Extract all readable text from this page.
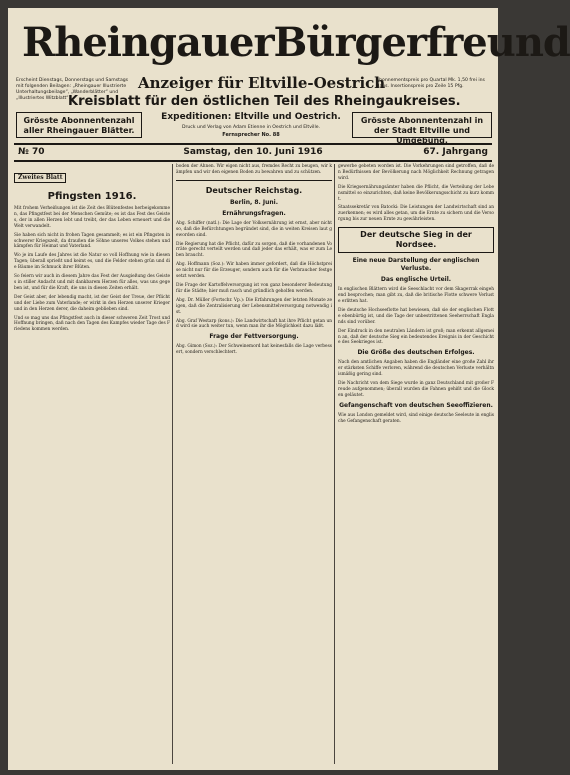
Rheingauer Bürgerfreund
Erscheint Dienstags, Donnerstags und Samstags mit folgenden Beilagen: „Rheingauer Illustrierte Unterhaltungsbeilage“, „Wanderblätter“ und „Illustriertes Witzblatt“.
Anzeiger für Eltville-Oestrich
Abonnementspreis pro Quartal Mk. 1,50 frei ins Haus. Insertionspreis pro Zeile 15 Pfg.
Kreisblatt für den östlichen Teil des Rheingaukreises.
Grösste Abonnentenzahl aller Rheingauer Blätter.
Expeditionen: Eltville und Oestrich.
Druck und Verlag von Adam Etienne in Oestrich und Eltville.
Fernsprecher No. 88
Grösste Abonnentenzahl in der Stadt Eltville und Umgebung.
№ 70	Samstag, den 10. Juni 1916	67. Jahrgang
Zweites Blatt
Pfingsten 1916.

Mit frohem Verheißungen ist die Zeit des Blütenfestes herbeigekommen, das Pfingstfest bei der Menschen Gemüte; es ist das Fest des Geistes, der in allen Herzen lebt und treibt, der das Leben erneuert und die Welt verwandelt.

Sie haben sich nicht in frohen Tagen gesammelt; es ist ein Pfingsten in schwerer Kriegszeit, da draußen die Söhne unseres Volkes stehen und kämpfen für Heimat und Vaterland.

Wo je im Laufe des Jahres ist die Natur so voll Hoffnung wie in diesen Tagen; überall sprießt und keimt es, und die Felder stehen grün und die Bäume im Schmuck ihrer Blüten.

So feiern wir auch in diesem Jahre das Fest der Ausgießung des Geistes in stiller Andacht und mit dankbarem Herzen für alles, was uns gegeben ist, und für die Kraft, die uns in diesen Zeiten erhält.

Der Geist aber, der lebendig macht, ist der Geist der Treue, der Pflicht und der Liebe zum Vaterlande; er wirkt in den Herzen unserer Krieger und in den Herzen derer, die daheim geblieben sind.

Und so mag uns das Pfingstfest auch in dieser schweren Zeit Trost und Hoffnung bringen, daß nach den Tagen des Kampfes wieder Tage des Friedens kommen werden.

boden der Ahnen. Wir eigen nicht aus, fremdes Recht zu beugen, wir kämpfen und wir den eigenen Boden zu bewahren und zu schützen.

Deutscher Reichstag.
Berlin, 8. Juni.
Ernährungsfragen.

Abg. Schiffer (natl.): Die Lage der Volksernährung ist ernst, aber nicht so, daß die Befürchtungen begründet sind, die in weiten Kreisen laut geworden sind.

Die Regierung hat die Pflicht, dafür zu sorgen, daß die vorhandenen Vorräte gerecht verteilt werden und daß jeder das erhält, was er zum Leben braucht.

Abg. Hoffmann (Soz.): Wir haben immer gefordert, daß die Höchstpreise nicht nur für die Erzeuger, sondern auch für die Verbraucher festgesetzt werden.

Die Frage der Kartoffelversorgung ist von ganz besonderer Bedeutung für die Städte; hier muß rasch und gründlich geholfen werden.

Abg. Dr. Müller (Fortschr. Vp.): Die Erfahrungen der letzten Monate zeigen, daß die Zentralisierung der Lebensmittelversorgung notwendig ist.

Abg. Graf Westarp (kons.): Die Landwirtschaft hat ihre Pflicht getan und wird sie auch weiter tun, wenn man ihr die Möglichkeit dazu läßt.

Frage der Fettversorgung.

Abg. Gimon (Soz.): Der Schweinemord hat keinesfalls die Lage verbessert, sondern verschlechtert.

gewerbe gebeten worden ist. Die Vorkehrungen sind getroffen, daß den Bedürfnissen der Bevölkerung nach Möglichkeit Rechnung getragen wird.

Die Kriegsernährungsämter haben die Pflicht, die Verteilung der Lebensmittel so einzurichten, daß keine Bevölkerungsschicht zu kurz kommt.

Staatssekretär von Batocki: Die Leistungen der Landwirtschaft sind anzuerkennen; es wird alles getan, um die Ernte zu sichern und die Versorgung bis zur neuen Ernte zu gewährleisten.

Der deutsche Sieg in der Nordsee.
Eine neue Darstellung der englischen Verluste.
Das englische Urteil.

In englischen Blättern wird die Seeschlacht vor dem Skagerrak eingehend besprochen; man gibt zu, daß die britische Flotte schwere Verluste erlitten hat.

Die deutsche Hochseeflotte hat bewiesen, daß sie der englischen Flotte ebenbürtig ist, und die Tage der unbestrittenen Seeherrschaft Englands sind vorüber.

Der Eindruck in den neutralen Ländern ist groß; man erkennt allgemein an, daß der deutsche Sieg ein bedeutendes Ereignis in der Geschichte des Seekrieges ist.

Die Größe des deutschen Erfolges.

Nach den amtlichen Angaben haben die Engländer eine große Zahl ihrer stärksten Schiffe verloren, während die deutschen Verluste verhältnismäßig gering sind.

Die Nachricht von dem Siege wurde in ganz Deutschland mit großer Freude aufgenommen; überall wurden die Fahnen gehißt und die Glocken geläutet.

Gefangenschaft von deutschen Seeoffizieren.

Wie aus London gemeldet wird, sind einige deutsche Seeleute in englische Gefangenschaft geraten.
